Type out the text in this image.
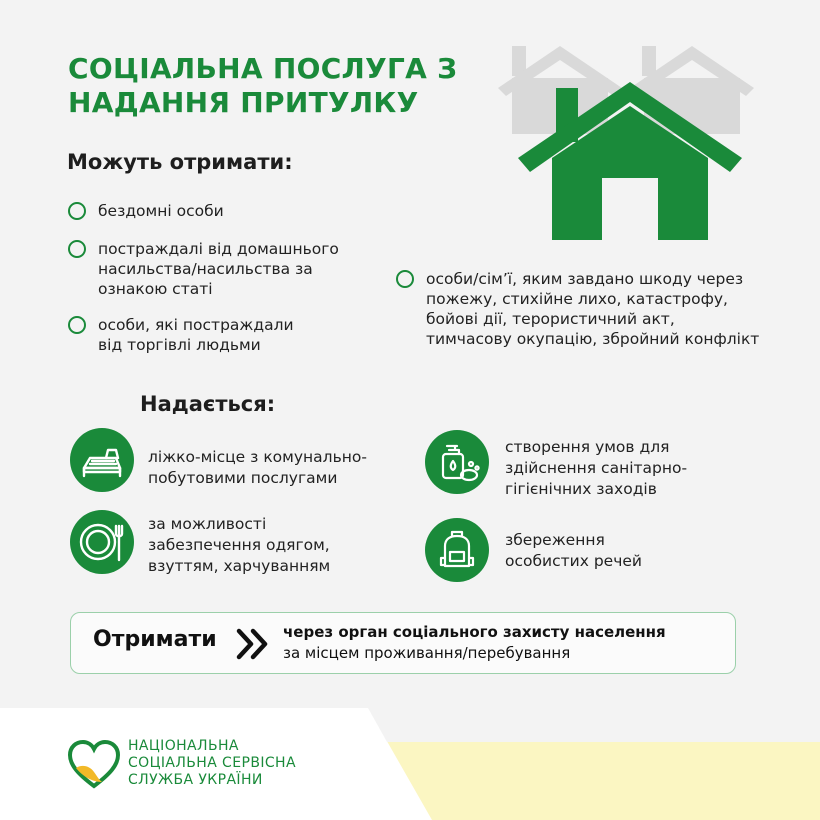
СОЦІАЛЬНА ПОСЛУГА З
НАДАННЯ ПРИТУЛКУ
Можуть отримати:
бездомні особи
постраждалі від домашнього
насильства/насильства за
ознакою статі
особи, які постраждали
від торгівлі людьми
особи/сім’ї, яким завдано шкоду через
пожежу, стихійне лихо, катастрофу,
бойові дії, терористичний акт,
тимчасову окупацію, збройний конфлікт
Надається:
ліжко-місце з комунально-
побутовими послугами
створення умов для
здійснення санітарно-
гігієнічних заходів
за можливості
забезпечення одягом,
взуттям, харчуванням
збереження
особистих речей
Отримати	через орган соціального захисту населення
за місцем проживання/перебування
НАЦІОНАЛЬНА
СОЦІАЛЬНА СЕРВІСНА
СЛУЖБА УКРАЇНИ
